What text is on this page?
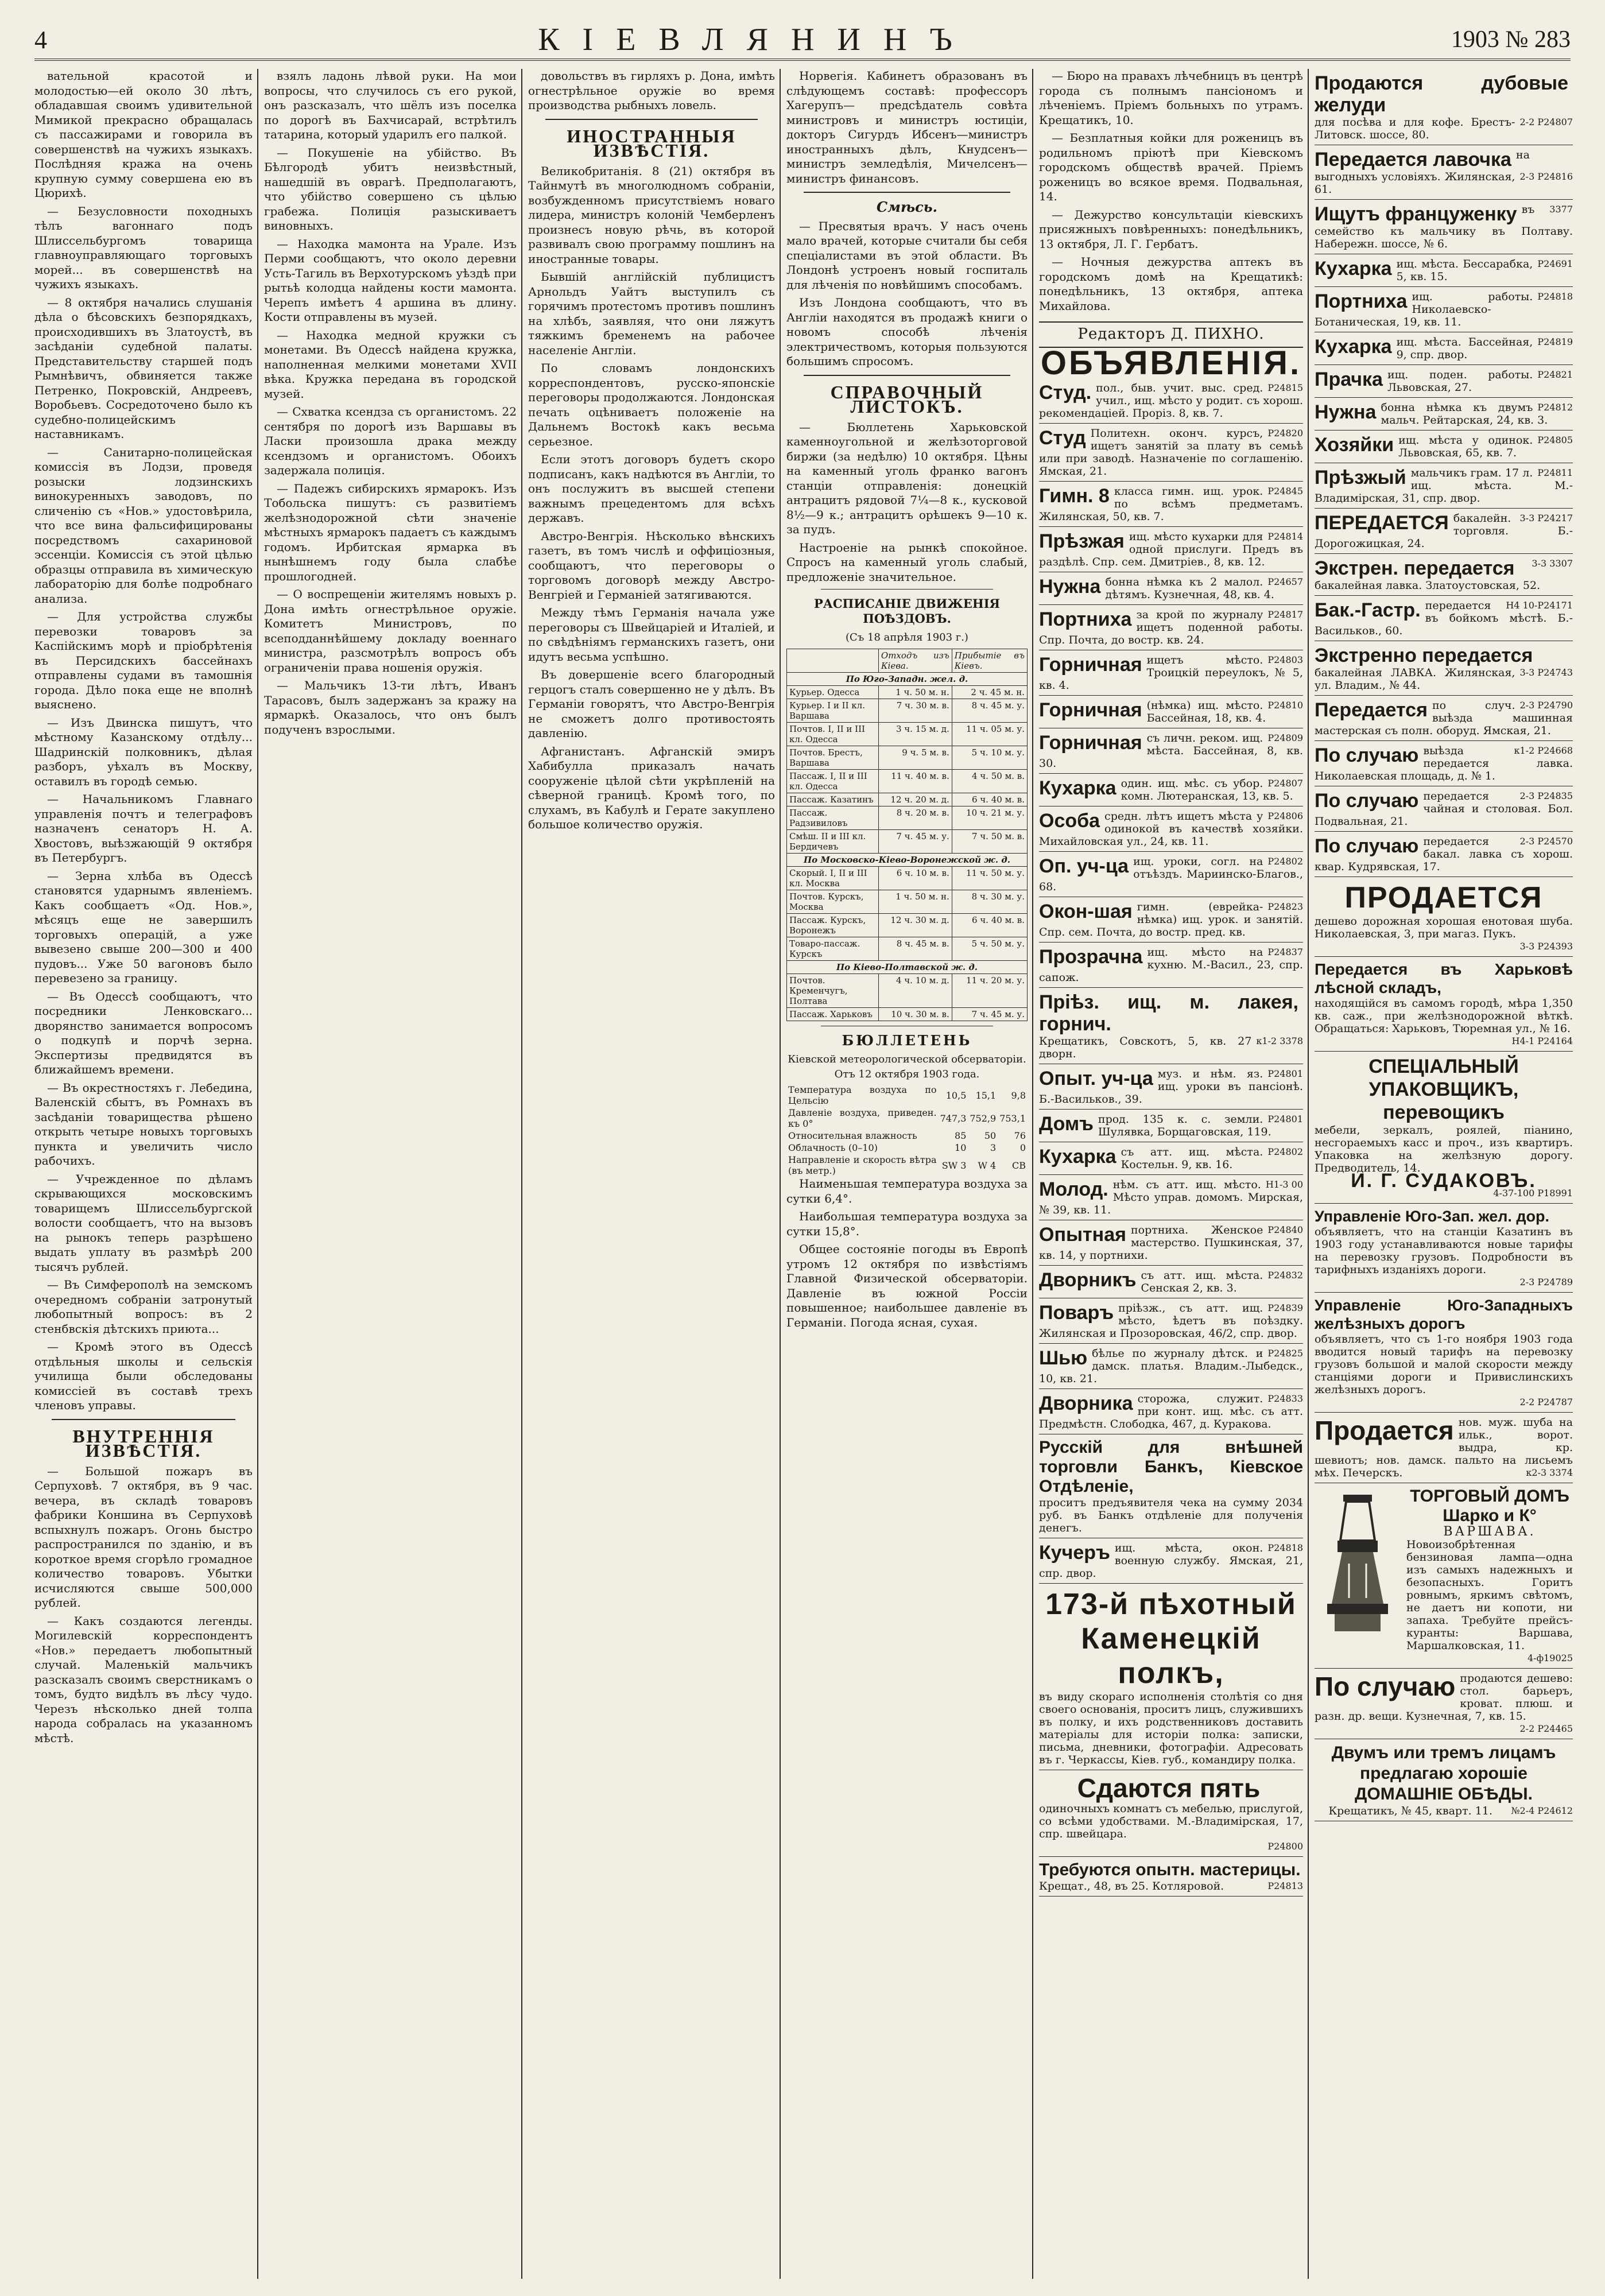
4	КІЕВЛЯНИНЪ	1903 № 283

вательной красотой и молодостью—ей около 30 лѣтъ, обладавшая своимъ удивительной Мимикой прекрасно обращалась съ пассажирами и говорила въ совершенствѣ на чужихъ языкахъ. Послѣдняя кража на очень крупную сумму совершена ею въ Цюрихѣ.

— Безусловности походныхъ тѣлъ вагоннаго подъ Шлиссельбургомъ товарища главноуправляющаго торговыхъ морей... въ совершенствѣ на чужихъ языкахъ.

— 8 октября начались слушанія дѣла о бѣсовскихъ безпорядкахъ, происходившихъ въ Златоустѣ, въ засѣданіи судебной палаты. Представительству старшей подъ Рымнѣвичъ, обвиняется также Петренко, Покровскій, Андреевъ, Воробьевъ. Сосредоточено было къ судебно-полицейскимъ наставникамъ.

— Санитарно-полицейская комиссія въ Лодзи, проведя розыски лодзинскихъ винокуренныхъ заводовъ, по сличенію съ «Нов.» удостовѣрила, что все вина фальсифицированы посредствомъ сахариновой эссенціи. Комиссія съ этой цѣлью образцы отправила въ химическую лабораторію для болѣе подробнаго анализа.

— Для устройства службы перевозки товаровъ за Каспійскимъ морѣ и пріобрѣтенія въ Персидскихъ бассейнахъ отправлены судами въ тамошнія города. Дѣло пока еще не вполнѣ выяснено.

— Изъ Двинска пишутъ, что мѣстному Казанскому отдѣлу... Шадринскій полковникъ, дѣлая разборъ, уѣхалъ въ Москву, оставилъ въ городѣ семью.

— Начальникомъ Главнаго управленія почтъ и телеграфовъ назначенъ сенаторъ Н. А. Хвостовъ, выѣзжающій 9 октября въ Петербургъ.

— Зерна хлѣба въ Одессѣ становятся ударнымъ явленіемъ. Какъ сообщаетъ «Од. Нов.», мѣсяцъ еще не завершилъ торговыхъ операцій, а уже вывезено свыше 200—300 и 400 пудовъ... Уже 50 вагоновъ было перевезено за границу.

— Въ Одессѣ сообщаютъ, что посредники Ленковскаго... дворянство занимается вопросомъ о подкупѣ и порчѣ зерна. Экспертизы предвидятся въ ближайшемъ времени.

— Въ окрестностяхъ г. Лебедина, Валенскій сбытъ, въ Ромнахъ въ засѣданіи товарищества рѣшено открыть четыре новыхъ торговыхъ пункта и увеличить число рабочихъ.

— Учрежденное по дѣламъ скрывающихся московскимъ товарищемъ Шлиссельбургской волости сообщаетъ, что на вызовъ на рынокъ теперь разрѣшено выдать уплату въ размѣрѣ 200 тысячъ рублей.

— Въ Симферополѣ на земскомъ очередномъ собраніи затронутый любопытный вопросъ: въ 2 стенбвскія дѣтскихъ приюта...

— Кромѣ этого въ Одессѣ отдѣльныя школы и сельскія училища были обследованы комиссіей въ составѣ трехъ членовъ управы.

ВНУТРЕННІЯ ИЗВѢСТІЯ.

— Большой пожаръ въ Серпуховѣ. 7 октября, въ 9 час. вечера, въ складѣ товаровъ фабрики Коншина въ Серпуховѣ вспыхнулъ пожаръ. Огонь быстро распространился по зданію, и въ короткое время сгорѣло громадное количество товаровъ. Убытки исчисляются свыше 500,000 рублей.

— Какъ создаются легенды. Могилевскій корреспондентъ «Нов.» передаетъ любопытный случай. Маленькій мальчикъ разсказалъ своимъ сверстникамъ о томъ, будто видѣлъ въ лѣсу чудо. Черезъ нѣсколько дней толпа народа собралась на указанномъ мѣстѣ.

взялъ ладонь лѣвой руки. На мои вопросы, что случилось съ его рукой, онъ разсказалъ, что шёлъ изъ поселка по дорогѣ въ Бахчисарай, встрѣтилъ татарина, который ударилъ его палкой.

— Покушеніе на убійство. Въ Бѣлгородѣ убитъ неизвѣстный, нашедшій въ оврагѣ. Предполагаютъ, что убійство совершено съ цѣлью грабежа. Полиція разыскиваетъ виновныхъ.

— Находка мамонта на Урале. Изъ Перми сообщаютъ, что около деревни Усть-Тагиль въ Верхотурскомъ уѣздѣ при рытьѣ колодца найдены кости мамонта. Черепъ имѣетъ 4 аршина въ длину. Кости отправлены въ музей.

— Находка медной кружки съ монетами. Въ Одессѣ найдена кружка, наполненная мелкими монетами XVII вѣка. Кружка передана въ городской музей.

— Схватка ксендза съ органистомъ. 22 сентября по дорогѣ изъ Варшавы въ Ласки произошла драка между ксендзомъ и органистомъ. Обоихъ задержала полиція.

— Падежъ сибирскихъ ярмарокъ. Изъ Тобольска пишутъ: съ развитіемъ желѣзнодорожной сѣти значеніе мѣстныхъ ярмарокъ падаетъ съ каждымъ годомъ. Ирбитская ярмарка въ нынѣшнемъ году была слабѣе прошлогодней.

— О воспрещеніи жителямъ новыхъ р. Дона имѣть огнестрѣльное оружіе. Комитетъ Министровъ, по всеподданнѣйшему докладу военнаго министра, разсмотрѣлъ вопросъ объ ограниченіи права ношенія оружія.

— Мальчикъ 13-ти лѣтъ, Иванъ Тарасовъ, былъ задержанъ за кражу на ярмаркѣ. Оказалось, что онъ былъ подученъ взрослыми.

довольствъ въ гирляхъ р. Дона, имѣть огнестрѣльное оружіе во время производства рыбныхъ ловель.

ИНОСТРАННЫЯ ИЗВѢСТІЯ.

Великобританія. 8 (21) октября въ Тайнмутѣ въ многолюдномъ собраніи, возбужденномъ присутствіемъ новаго лидера, министръ колоній Чемберленъ произнесъ новую рѣчь, въ которой развивалъ свою программу пошлинъ на иностранные товары.

Бывшій англійскій публицистъ Арнольдъ Уайтъ выступилъ съ горячимъ протестомъ противъ пошлинъ на хлѣбъ, заявляя, что они ляжутъ тяжкимъ бременемъ на рабочее населеніе Англіи.

По словамъ лондонскихъ корреспондентовъ, русско-японскіе переговоры продолжаются. Лондонская печать оцѣниваетъ положеніе на Дальнемъ Востокѣ какъ весьма серьезное.

Если этотъ договоръ будетъ скоро подписанъ, какъ надѣются въ Англіи, то онъ послужитъ въ высшей степени важнымъ прецедентомъ для всѣхъ державъ.

Австро-Венгрія. Нѣсколько вѣнскихъ газетъ, въ томъ числѣ и оффиціозныя, сообщаютъ, что переговоры о торговомъ договорѣ между Австро-Венгріей и Германіей затягиваются.

Между тѣмъ Германія начала уже переговоры съ Швейцаріей и Италіей, и по свѣдѣніямъ германскихъ газетъ, они идутъ весьма успѣшно.

Въ довершеніе всего благородный герцогъ сталъ совершенно не у дѣлъ. Въ Германіи говорятъ, что Австро-Венгрія не сможетъ долго противостоять давленію.

Афганистанъ. Афганскій эмиръ Хабибулла приказалъ начать сооруженіе цѣлой сѣти укрѣпленій на сѣверной границѣ. Кромѣ того, по слухамъ, въ Кабулѣ и Герате закуплено большое количество оружія.

Норвегія. Кабинетъ образованъ въ слѣдующемъ составѣ: профессоръ Хагерупъ— предсѣдатель совѣта министровъ и министръ юстиціи, докторъ Сигурдъ Ибсенъ—министръ иностранныхъ дѣлъ, Кнудсенъ—министръ земледѣлія, Мичелсенъ—министръ финансовъ.

Смѣсь.

— Пресвятыя врачъ. У насъ очень мало врачей, которые считали бы себя спеціалистами въ этой области. Въ Лондонѣ устроенъ новый госпиталь для лѣченія по новѣйшимъ способамъ.

Изъ Лондона сообщаютъ, что въ Англіи находятся въ продажѣ книги о новомъ способѣ лѣченія электричествомъ, которыя пользуются большимъ спросомъ.

СПРАВОЧНЫЙ ЛИСТОКЪ.

— Бюллетень Харьковской каменноугольной и желѣзоторговой биржи (за недѣлю) 10 октября. Цѣны на каменный уголь франко вагонъ станціи отправленія: донецкій антрацитъ рядовой 7¼—8 к., кусковой 8½—9 к.; антрацитъ орѣшекъ 9—10 к. за пудъ.

Настроеніе на рынкѣ спокойное. Спросъ на каменный уголь слабый, предложеніе значительное.

РАСПИСАНІЕ ДВИЖЕНІЯ ПОѢЗДОВЪ.
(Съ 18 апрѣля 1903 г.)
	Отходъ изъ Кіева.	Прибытіе въ Кіевъ.
По Юго-Западн. жел. д.		
Курьер. Одесса	1 ч. 50 м. н.	2 ч. 45 м. н.
Курьер. I и II кл. Варшава	7 ч. 30 м. в.	8 ч. 45 м. у.
Почтов. I, II и III кл. Одесса	3 ч. 15 м. д.	11 ч. 05 м. у.
Почтов. Брестъ, Варшава	9 ч. 5 м. в.	5 ч. 10 м. у.
Пассаж. I, II и III кл. Одесса	11 ч. 40 м. в.	4 ч. 50 м. в.
Пассаж. Казатинъ	12 ч. 20 м. д.	6 ч. 40 м. в.
Пассаж. Радзивиловъ	8 ч. 20 м. в.	10 ч. 21 м. у.
Смѣш. II и III кл. Бердичевъ	7 ч. 45 м. у.	7 ч. 50 м. в.
По Московско-Кіево-Воронежской ж. д.		
Скорый. I, II и III кл. Москва	6 ч. 10 м. в.	11 ч. 50 м. у.
Почтов. Курскъ, Москва	1 ч. 50 м. н.	8 ч. 30 м. у.
Пассаж. Курскъ, Воронежъ	12 ч. 30 м. д.	6 ч. 40 м. в.
Товаро-пассаж. Курскъ	8 ч. 45 м. в.	5 ч. 50 м. у.
По Кіево-Полтавской ж. д.		
Почтов. Кременчугъ, Полтава	4 ч. 10 м. д.	11 ч. 20 м. у.
Пассаж. Харьковъ	10 ч. 30 м. в.	7 ч. 45 м. у.
БЮЛЛЕТЕНЬ
Кіевской метеорологической обсерваторіи.
Отъ 12 октября 1903 года.
Температура воздуха по Цельсію	10,5	15,1	9,8
Давленіе воздуха, приведен. къ 0°	747,3	752,9	753,1
Относительная влажность	85	50	76
Облачность (0–10)	10	3	0
Направленіе и скорость вѣтра (въ метр.)	SW 3	W 4	CB

Наименьшая температура воздуха за сутки 6,4°.

Наибольшая температура воздуха за сутки 15,8°.

Общее состояніе погоды въ Европѣ утромъ 12 октября по извѣстіямъ Главной Физической обсерваторіи. Давленіе въ южной Россіи повышенное; наибольшее давленіе въ Германіи. Погода ясная, сухая.

— Бюро на правахъ лѣчебницъ въ центрѣ города съ полнымъ пансіономъ и лѣченіемъ. Пріемъ больныхъ по утрамъ. Крещатикъ, 10.

— Безплатныя койки для роженицъ въ родильномъ пріютѣ при Кіевскомъ городскомъ обществѣ врачей. Пріемъ роженицъ во всякое время. Подвальная, 14.

— Дежурство консультаціи кіевскихъ присяжныхъ повѣренныхъ: понедѣльникъ, 13 октября, Л. Г. Гербатъ.

— Ночныя дежурства аптекъ въ городскомъ домѣ на Крещатикѣ: понедѣльникъ, 13 октября, аптека Михайлова.

Редакторъ Д. ПИХНО.
ОБЪЯВЛЕНІЯ.
Студ.	P24815
пол., быв. учит. выс. сред. учил., ищ. мѣсто у родит. съ хорош. рекомендаціей. Проріз. 8, кв. 7.
Студ	P24820
Политехн. оконч. курсъ, ищетъ занятій за плату въ семьѣ или при заводѣ. Назначеніе по соглашенію. Ямская, 21.
Гимн. 8	P24845
класса гимн. ищ. урок. по всѣмъ предметамъ. Жилянская, 50, кв. 7.
Прѣзжая	P24814
ищ. мѣсто кухарки для одной прислуги. Предъ въ раздѣлѣ. Спр. сем. Дмитріев., 8, кв. 12.
Нужна	P24657
бонна нѣмка къ 2 малол. дѣтямъ. Кузнечная, 48, кв. 4.
Портниха	P24817
за крой по журналу ищетъ поденной работы. Спр. Почта, до востр. кв. 24.
Горничная	P24803
ищетъ мѣсто. Троицкій переулокъ, № 5, кв. 4.
Горничная	P24810
(нѣмка) ищ. мѣсто. Бассейная, 18, кв. 4.
Горничная	P24809
съ личн. реком. ищ. мѣста. Бассейная, 8, кв. 30.
Кухарка	P24807
один. ищ. мѣс. съ убор. комн. Лютеранская, 13, кв. 5.
Особа	P24806
средн. лѣтъ ищетъ мѣста у одинокой въ качествѣ хозяйки. Михайловская ул., 24, кв. 11.
Оп. уч-ца	P24802
ищ. уроки, согл. на отъѣздъ. Мариинско-Благов., 68.
Окон-шая	P24823
гимн. (еврейка-нѣмка) ищ. урок. и занятій. Спр. сем. Почта, до востр. пред. кв.
Прозрачна	P24837
ищ. мѣсто на кухню. М.-Васил., 23, спр. сапож.
Прiѣз. ищ. м. лакея, горнич.
к1-2 3378
Крещатикъ, Совскотъ, 5, кв. 27 дворн.
Опыт. уч-ца	P24801
муз. и нѣм. яз. ищ. уроки въ пансіонѣ. Б.-Васильков., 39.
Домъ	P24801
прод. 135 к. с. земли. Шулявка, Борщаговская, 119.
Кухарка	P24802
съ атт. ищ. мѣста. Костельн. 9, кв. 16.
Молод.	Н1-3 00
нѣм. съ атт. ищ. мѣсто. Мѣсто управ. домомъ. Мирская, № 39, кв. 11.
Опытная	P24840
портниха. Женское мастерство. Пушкинская, 37, кв. 14, у портнихи.
Дворникъ	P24832
съ атт. ищ. мѣста. Сенская 2, кв. 3.
Поваръ	P24839
пріѣзж., съ атт. ищ. мѣсто, ѣдетъ въ поѣздку. Жилянская и Прозоровская, 46/2, спр. двор.
Шью	P24825
бѣлье по журналу дѣтск. и дамск. платья. Владим.-Лыбедск., 10, кв. 21.
Дворника	P24833
сторожа, служит. при конт. ищ. мѣс. съ атт. Предмѣстн. Слободка, 467, д. Куракова.
Русскій для внѣшней торговли Банкъ, Кіевское Отдѣленіе,
проситъ предъявителя чека на сумму 2034 руб. въ Банкъ отдѣленіе для полученія денегъ.
Кучеръ	P24818
ищ. мѣста, окон. военную службу. Ямская, 21, спр. двор.
173-й пѣхотный Каменецкій полкъ,
въ виду скораго исполненія столѣтія со дня своего основанія, проситъ лицъ, служившихъ въ полку, и ихъ родственниковъ доставить матеріалы для исторіи полка: записки, письма, дневники, фотографіи. Адресовать въ г. Черкассы, Кіев. губ., командиру полка.
Сдаются пять
одиночныхъ комнатъ съ мебелью, прислугой, со всѣми удобствами. М.-Владимірская, 17, спр. швейцара.
P24800
Требуются опытн. мастерицы.
Крещат., 48, въ 25. Котляровой.	P24813
Продаются дубовые желуди
2-2 P24807
для посѣва и для кофе. Брестъ-Литовск. шоссе, 80.
Передается лавочка
2-3 P24816
на выгодныхъ условіяхъ. Жилянская, 61.
Ищутъ француженку	3377
въ семейство къ мальчику въ Полтаву. Набережн. шоссе, № 6.
Кухарка	P24691
ищ. мѣста. Бессарабка, 5, кв. 15.
Портниха	P24818
ищ. работы. Николаевско-Ботаническая, 19, кв. 11.
Кухарка	P24819
ищ. мѣста. Бассейная, 9, спр. двор.
Прачка	P24821
ищ. поден. работы. Львовская, 27.
Нужна	P24812
бонна нѣмка къ двумъ мальч. Рейтарская, 24, кв. 3.
Хозяйки	P24805
ищ. мѣста у одинок. Львовская, 65, кв. 7.
Прѣзжый	P24811
мальчикъ грам. 17 л. ищ. мѣста. М.-Владимірская, 31, спр. двор.
ПЕРЕДАЕТСЯ	3-3 P24217
бакалейн. торговля. Б.-Дорогожицкая, 24.
Экстрен. передается 3-3 3307
бакалейная лавка. Златоустовская, 52.
Бак.-Гастр.	Н4 10-P24171
передается въ бойкомъ мѣстѣ. Б.-Васильков., 60.
Экстренно передается
3-3 P24743
бакалейная ЛАВКА. Жилянская, ул. Владим., № 44.
Передается	2-3 P24790
по случ. выѣзда машинная мастерская съ полн. оборуд. Ямская, 21.
По случаю	к1-2 P24668
выѣзда передается лавка. Николаевская площадь, д. № 1.
По случаю	2-3 P24835
передается чайная и столовая. Бол. Подвальная, 21.
По случаю	2-3 P24570
передается бакал. лавка съ хорош. квар. Кудрявская, 17.
ПРОДАЕТСЯ
дешево дорожная хорошая енотовая шуба. Николаевская, 3, при магаз. Пукъ.
3-3 P24393
Передается въ Харьковѣ лѣсной складъ,
находящійся въ самомъ городѣ, мѣра 1,350 кв. саж., при желѣзнодорожной вѣткѣ. Обращаться: Харьковъ, Тюремная ул., № 16.
Н4-1 P24164
СПЕЦІАЛЬНЫЙ УПАКОВЩИКЪ, перевощикъ
мебели, зеркалъ, роялей, піанино, несгораемыхъ касс и проч., изъ квартиръ. Упаковка на желѣзную дорогу. Предводитель, 14.
И. Г. СУДАКОВЪ.
4-37-100 P18991
Управленіе Юго-Зап. жел. дор.
объявляетъ, что на станціи Казатинъ въ 1903 году устанавливаются новые тарифы на перевозку грузовъ. Подробности въ тарифныхъ изданіяхъ дороги.
2-3 P24789
Управленіе Юго-Западныхъ желѣзныхъ дорогъ
объявляетъ, что съ 1-го ноября 1903 года вводится новый тарифъ на перевозку грузовъ большой и малой скорости между станціями дороги и Привислинскихъ желѣзныхъ дорогъ.
2-2 P24787
Продается нов. муж. шуба на ильк., ворот. выдра, кр. шевиотъ; нов. дамск. пальто на лисьемъ мѣх. Печерскъ.	к2-3 3374
ТОРГОВЫЙ ДОМЪ Шарко и К°
ВАРШАВА.
Новоизобрѣтенная бензиновая лампа—одна изъ самыхъ надежныхъ и безопасныхъ. Горитъ ровнымъ, яркимъ свѣтомъ, не даетъ ни копоти, ни запаха. Требуйте прейсъ-куранты: Варшава, Маршалковская, 11.
4-ф19025
По случаю продаются дешево: стол. барьеръ, кроват. плюш. и разн. др. вещи. Кузнечная, 7, кв. 15.
2-2 P24465
Двумъ или тремъ лицамъ предлагаю хорошіе ДОМАШНІЕ ОБѢДЫ.
Крещатикъ, № 45, кварт. 11. №2-4 P24612
